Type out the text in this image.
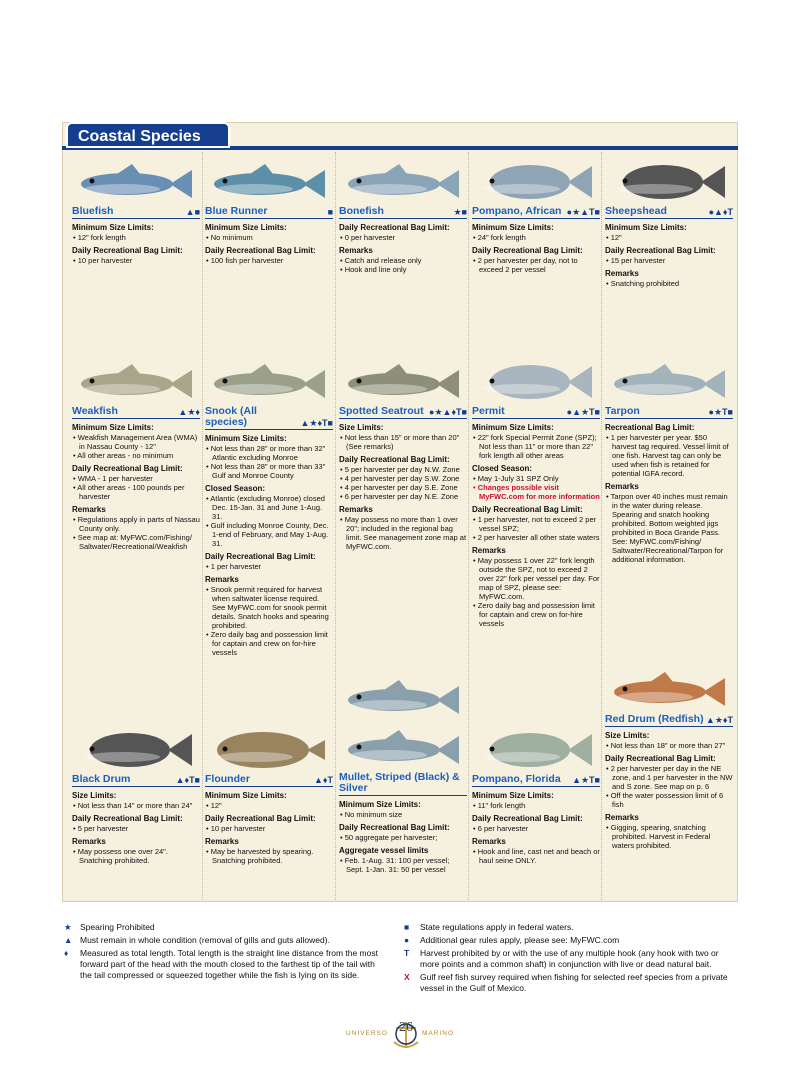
Coastal Species
Bluefish	▲■
Minimum Size Limits:
• 12" fork length
Daily Recreational Bag Limit:
• 10 per harvester
Blue Runner	■
Minimum Size Limits:
• No minimum
Daily Recreational Bag Limit:
• 100 fish per harvester
Bonefish	★■
Daily Recreational Bag Limit:
• 0 per harvester
Remarks
• Catch and release only
• Hook and line only
Pompano, African ●★▲T■
Minimum Size Limits:
• 24" fork length
Daily Recreational Bag Limit:
• 2 per harvester per day, not to exceed 2 per vessel
Sheepshead	●▲♦T
Minimum Size Limits:
• 12"
Daily Recreational Bag Limit:
• 15 per harvester
Remarks
• Snatching prohibited
Weakfish	▲★♦
Minimum Size Limits:
• Weakfish Management Area (WMA) in Nassau County - 12"
• All other areas - no minimum
Daily Recreational Bag Limit:
• WMA - 1 per harvester
• All other areas - 100 pounds per harvester
Remarks
• Regulations apply in parts of Nassau County only.
• See map at: MyFWC.com/Fishing/ Saltwater/Recreational/Weakfish
Snook (All species)	▲★♦T■
Minimum Size Limits:
• Not less than 28" or more than 32" Atlantic excluding Monroe
• Not less than 28" or more than 33" Gulf and Monroe County
Closed Season:
• Atlantic (excluding Monroe) closed Dec. 15-Jan. 31 and June 1-Aug. 31.
• Gulf including Monroe County, Dec. 1-end of February, and May 1-Aug. 31.
Daily Recreational Bag Limit:
• 1 per harvester
Remarks
• Snook permit required for harvest when saltwater license required. See MyFWC.com for snook permit details. Snatch hooks and spearing prohibited.
• Zero daily bag and possession limit for captain and crew on for-hire vessels
Spotted Seatrout ●★▲♦T■
Size Limits:
• Not less than 15" or more than 20" (See remarks)
Daily Recreational Bag Limit:
• 5 per harvester per day N.W. Zone
• 4 per harvester per day S.W. Zone
• 4 per harvester per day S.E. Zone
• 6 per harvester per day N.E. Zone
Remarks
• May possess no more than 1 over 20"; included in the regional bag limit. See management zone map at MyFWC.com.
Permit	●▲★T■
Minimum Size Limits:
• 22" fork Special Permit Zone (SPZ); Not less than 11" or more than 22" fork length all other areas
Closed Season:
• May 1-July 31 SPZ Only
• Changes possible visit MyFWC.com for more information
Daily Recreational Bag Limit:
• 1 per harvester, not to exceed 2 per vessel SPZ;
• 2 per harvester all other state waters
Remarks
• May possess 1 over 22" fork length outside the SPZ, not to exceed 2 over 22" fork per vessel per day. For map of SPZ, please see: MyFWC.com.
• Zero daily bag and possession limit for captain and crew on for-hire vessels
Tarpon	●★T■
Recreational Bag Limit:
• 1 per harvester per year. $50 harvest tag required. Vessel limit of one fish. Harvest tag can only be used when fish is retained for potential IGFA record.
Remarks
• Tarpon over 40 inches must remain in the water during release. Spearing and snatch hooking prohibited. Bottom weighted jigs prohibited in Boca Grande Pass. See: MyFWC.com/Fishing/ Saltwater/Recreational/Tarpon for additional information.
Black Drum	▲♦T■
Size Limits:
• Not less than 14" or more than 24"
Daily Recreational Bag Limit:
• 5 per harvester
Remarks
• May possess one over 24". Snatching prohibited.
Flounder	▲♦T
Minimum Size Limits:
• 12"
Daily Recreational Bag Limit:
• 10 per harvester
Remarks
• May be harvested by spearing. Snatching prohibited.
Mullet, Striped (Black) & Silver
Minimum Size Limits:
• No minimum size
Daily Recreational Bag Limit:
• 50 aggregate per harvester;
Aggregate vessel limits
• Feb. 1-Aug. 31: 100 per vessel; Sept. 1-Jan. 31: 50 per vessel
Pompano, Florida ▲★T■
Minimum Size Limits:
• 11" fork length
Daily Recreational Bag Limit:
• 6 per harvester
Remarks
• Hook and line, cast net and beach or haul seine ONLY.
Red Drum (Redfish) ▲★♦T
Size Limits:
• Not less than 18" or more than 27"
Daily Recreational Bag Limit:
• 2 per harvester per day in the NE zone, and 1 per harvester in the NW and S zone. See map on p. 6
• Off the water possession limit of 6 fish
Remarks
• Gigging, spearing, snatching prohibited. Harvest in Federal waters prohibited.
★ Spearing Prohibited
▲ Must remain in whole condition (removal of gills and guts allowed).
♦ Measured as total length. Total length is the straight line distance from the most forward part of the head with the mouth closed to the farthest tip of the tail with the tail compressed or squeezed together while the fish is lying on its side.
■ State regulations apply in federal waters.
● Additional gear rules apply, please see: MyFWC.com
T Harvest prohibited by or with the use of any multiple hook (any hook with two or more points and a common shaft) in conjunction with live or dead natural bait.
X Gulf reef fish survey required when fishing for selected reef species from a private vessel in the Gulf of Mexico.
UNIVERSO 26	MARINO
